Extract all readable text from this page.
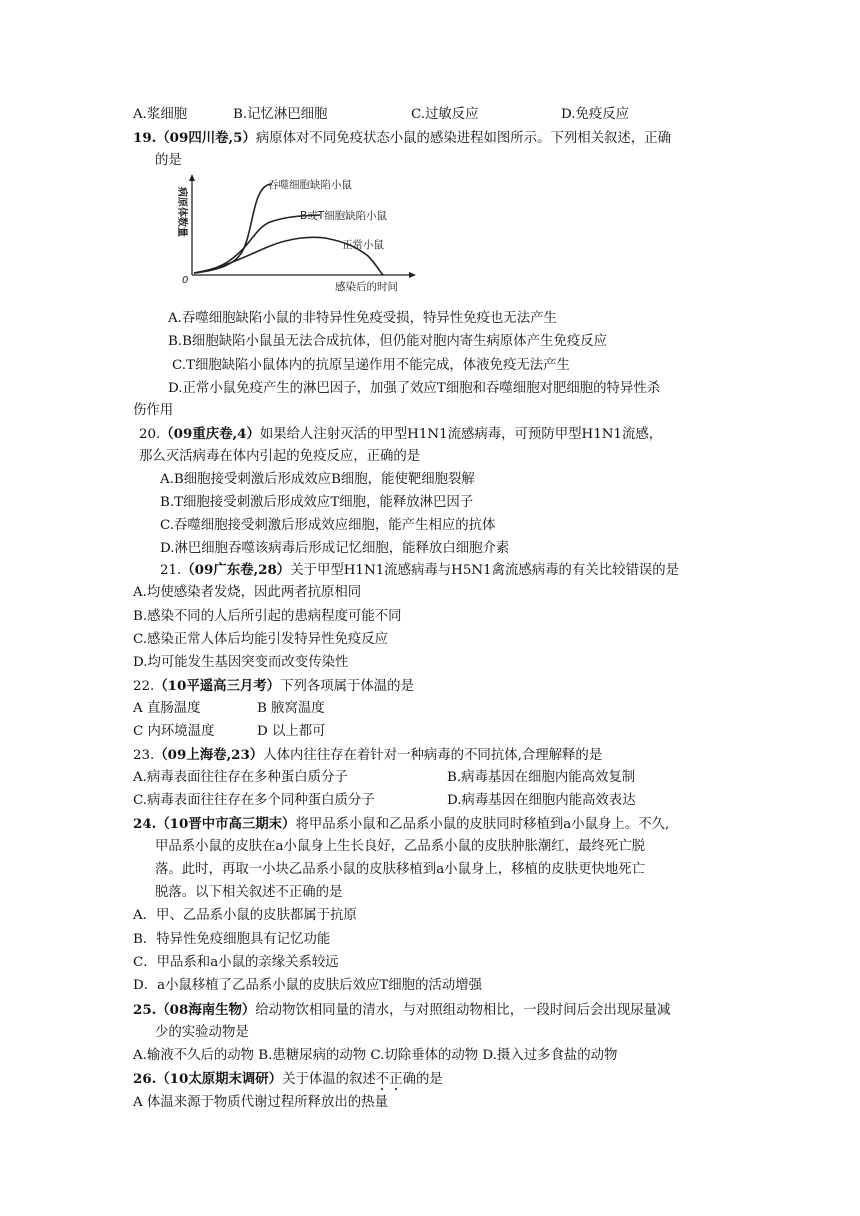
A.浆细胞	B.记忆淋巴细胞	C.过敏反应	D.免疫反应
19.（09四川卷,5）病原体对不同免疫状态小鼠的感染进程如图所示。下列相关叙述，正确
的是
病原体数量
0
吞噬细胞缺陷小鼠
B或T细胞缺陷小鼠
正常小鼠
感染后的时间
A.吞噬细胞缺陷小鼠的非特异性免疫受损，特异性免疫也无法产生
B.B细胞缺陷小鼠虽无法合成抗体，但仍能对胞内寄生病原体产生免疫反应
C.T细胞缺陷小鼠体内的抗原呈递作用不能完成，体液免疫无法产生
D.正常小鼠免疫产生的淋巴因子，加强了效应T细胞和吞噬细胞对肥细胞的特异性杀
伤作用
20.（09重庆卷,4）如果给人注射灭活的甲型H1N1流感病毒，可预防甲型H1N1流感，
那么灭活病毒在体内引起的免疫反应，正确的是
A.B细胞接受刺激后形成效应B细胞，能使靶细胞裂解
B.T细胞接受刺激后形成效应T细胞，能释放淋巴因子
C.吞噬细胞接受刺激后形成效应细胞，能产生相应的抗体
D.淋巴细胞吞噬该病毒后形成记忆细胞，能释放白细胞介素
21.（09广东卷,28）关于甲型H1N1流感病毒与H5N1禽流感病毒的有关比较错误的是
A.均使感染者发烧，因此两者抗原相同
B.感染不同的人后所引起的患病程度可能不同
C.感染正常人体后均能引发特异性免疫反应
D.均可能发生基因突变而改变传染性
22.（10平遥高三月考）下列各项属于体温的是
A 直肠温度	B 腋窝温度
C 内环境温度	D 以上都可
23.（09上海卷,23）人体内往往存在着针对一种病毒的不同抗体,合理解释的是
A.病毒表面往往存在多种蛋白质分子	B.病毒基因在细胞内能高效复制
C.病毒表面往往存在多个同种蛋白质分子	D.病毒基因在细胞内能高效表达
24.（10晋中市高三期末）将甲品系小鼠和乙品系小鼠的皮肤同时移植到a小鼠身上。不久,
甲品系小鼠的皮肤在a小鼠身上生长良好，乙品系小鼠的皮肤肿胀潮红，最终死亡脱
落。此时，再取一小块乙品系小鼠的皮肤移植到a小鼠身上，移植的皮肤更快地死亡
脱落。以下相关叙述不正确的是
A．甲、乙品系小鼠的皮肤都属于抗原
B．特异性免疫细胞具有记忆功能
C．甲品系和a小鼠的亲缘关系较远
D．a小鼠移植了乙品系小鼠的皮肤后效应T细胞的活动增强
25.（08海南生物）给动物饮相同量的清水，与对照组动物相比，一段时间后会出现尿量减
少的实验动物是
A.输液不久后的动物 B.患糖尿病的动物 C.切除垂体的动物 D.摄入过多食盐的动物
26.（10太原期末调研）关于体温的叙述不正确的是
A 体温来源于物质代谢过程所释放出的热量
